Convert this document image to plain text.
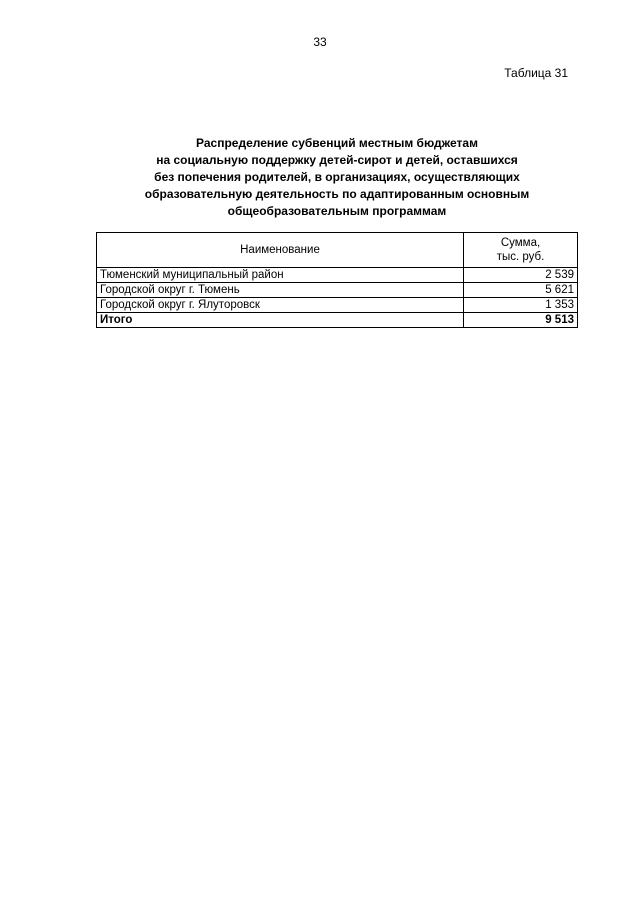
33
Таблица 31
Распределение субвенций местным бюджетам
на социальную поддержку детей-сирот и детей, оставшихся
без попечения родителей, в организациях, осуществляющих
образовательную деятельность по адаптированным основным
общеобразовательным программам
Наименование	Сумма,
тыс. руб.
Тюменский муниципальный район	2 539
Городской округ г. Тюмень	5 621
Городской округ г. Ялуторовск	1 353
Итого	9 513
